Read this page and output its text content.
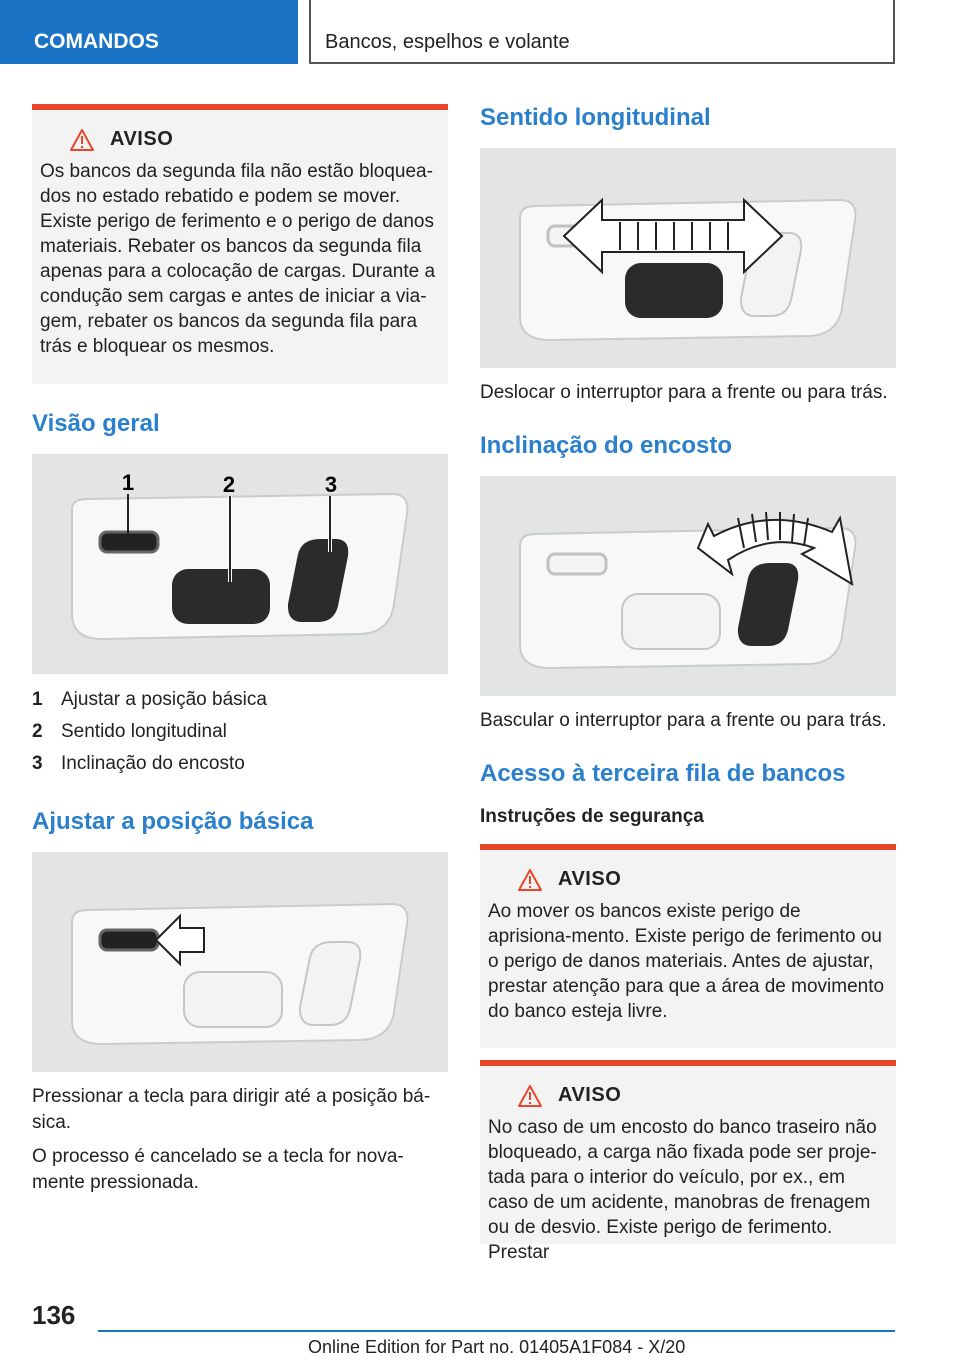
COMANDOS	Bancos, espelhos e volante
AVISO
Os bancos da segunda fila não estão bloquea-dos no estado rebatido e podem se mover. Existe perigo de ferimento e o perigo de danos materiais. Rebater os bancos da segunda fila apenas para a colocação de cargas. Durante a condução sem cargas e antes de iniciar a via-gem, rebater os bancos da segunda fila para trás e bloquear os mesmos.
Visão geral
1	2	3
1 Ajustar a posição básica
2 Sentido longitudinal
3 Inclinação do encosto
Ajustar a posição básica

Pressionar a tecla para dirigir até a posição bá-sica.

O processo é cancelado se a tecla for nova-mente pressionada.

Sentido longitudinal

Deslocar o interruptor para a frente ou para trás.

Inclinação do encosto

Bascular o interruptor para a frente ou para trás.

Acesso à terceira fila de bancos

Instruções de segurança

AVISO
Ao mover os bancos existe perigo de aprisiona-mento. Existe perigo de ferimento ou o perigo de danos materiais. Antes de ajustar, prestar atenção para que a área de movimento do banco esteja livre.
AVISO
No caso de um encosto do banco traseiro não bloqueado, a carga não fixada pode ser proje-tada para o interior do veículo, por ex., em caso de um acidente, manobras de frenagem ou de desvio. Existe perigo de ferimento. Prestar
136
Online Edition for Part no. 01405A1F084 - X/20
